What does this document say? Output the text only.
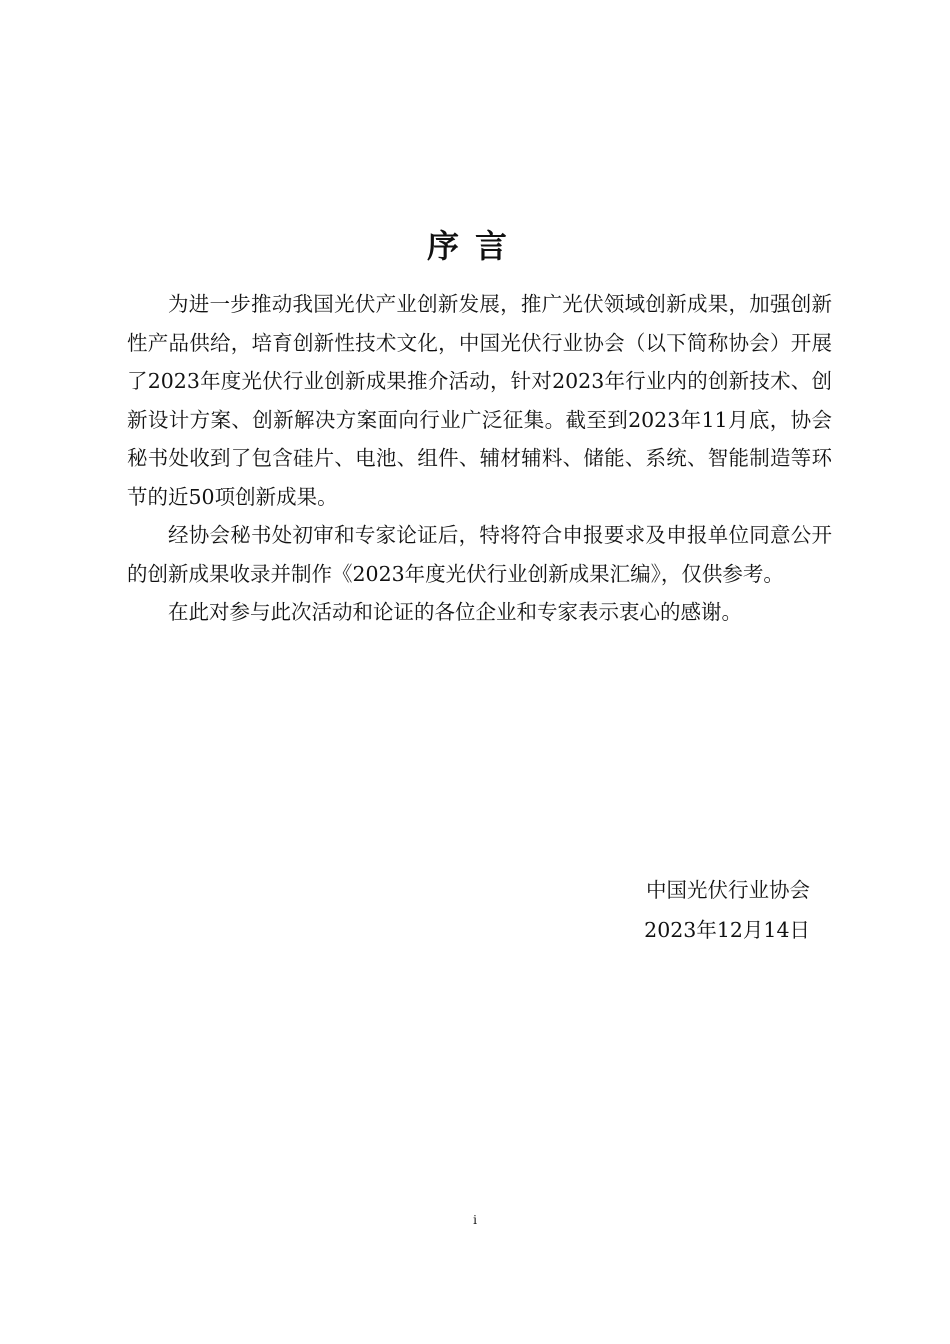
序言

为进一步推动我国光伏产业创新发展，推广光伏领域创新成果，加强创新性产品供给，培育创新性技术文化，中国光伏行业协会（以下简称协会）开展了2023年度光伏行业创新成果推介活动，针对2023年行业内的创新技术、创新设计方案、创新解决方案面向行业广泛征集。截至到2023年11月底，协会秘书处收到了包含硅片、电池、组件、辅材辅料、储能、系统、智能制造等环节的近50项创新成果。

经协会秘书处初审和专家论证后，特将符合申报要求及申报单位同意公开的创新成果收录并制作《2023年度光伏行业创新成果汇编》，仅供参考。

在此对参与此次活动和论证的各位企业和专家表示衷心的感谢。

中国光伏行业协会
2023年12月14日
i
